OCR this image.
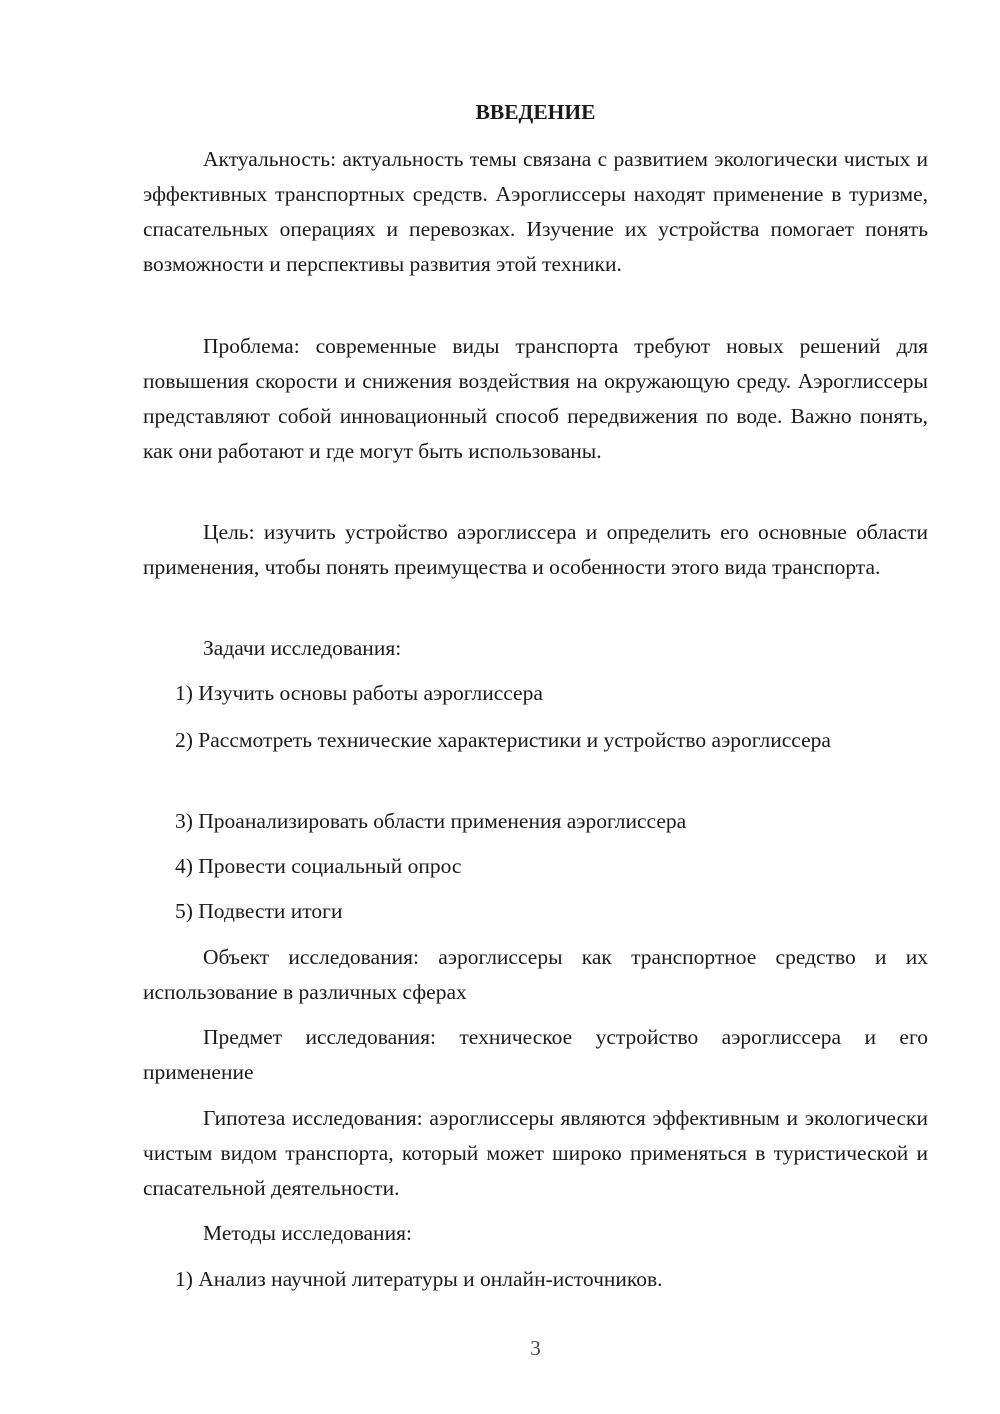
ВВЕДЕНИЕ

Актуальность: актуальность темы связана с развитием экологически чистых и эффективных транспортных средств. Аэроглиссеры находят применение в туризме, спасательных операциях и перевозках. Изучение их устройства помогает понять возможности и перспективы развития этой техники.

Проблема: современные виды транспорта требуют новых решений для повышения скорости и снижения воздействия на окружающую среду. Аэроглиссеры представляют собой инновационный способ передвижения по воде. Важно понять, как они работают и где могут быть использованы.

Цель: изучить устройство аэроглиссера и определить его основные области применения, чтобы понять преимущества и особенности этого вида транспорта.

Задачи исследования:

1) Изучить основы работы аэроглиссера

2) Рассмотреть технические характеристики и устройство аэроглиссера

3) Проанализировать области применения аэроглиссера

4) Провести социальный опрос

5) Подвести итоги

Объект исследования: аэроглиссеры как транспортное средство и их использование в различных сферах

Предмет исследования: техническое устройство аэроглиссера и его применение

Гипотеза исследования: аэроглиссеры являются эффективным и экологически чистым видом транспорта, который может широко применяться в туристической и спасательной деятельности.

Методы исследования:

1) Анализ научной литературы и онлайн-источников.

3
